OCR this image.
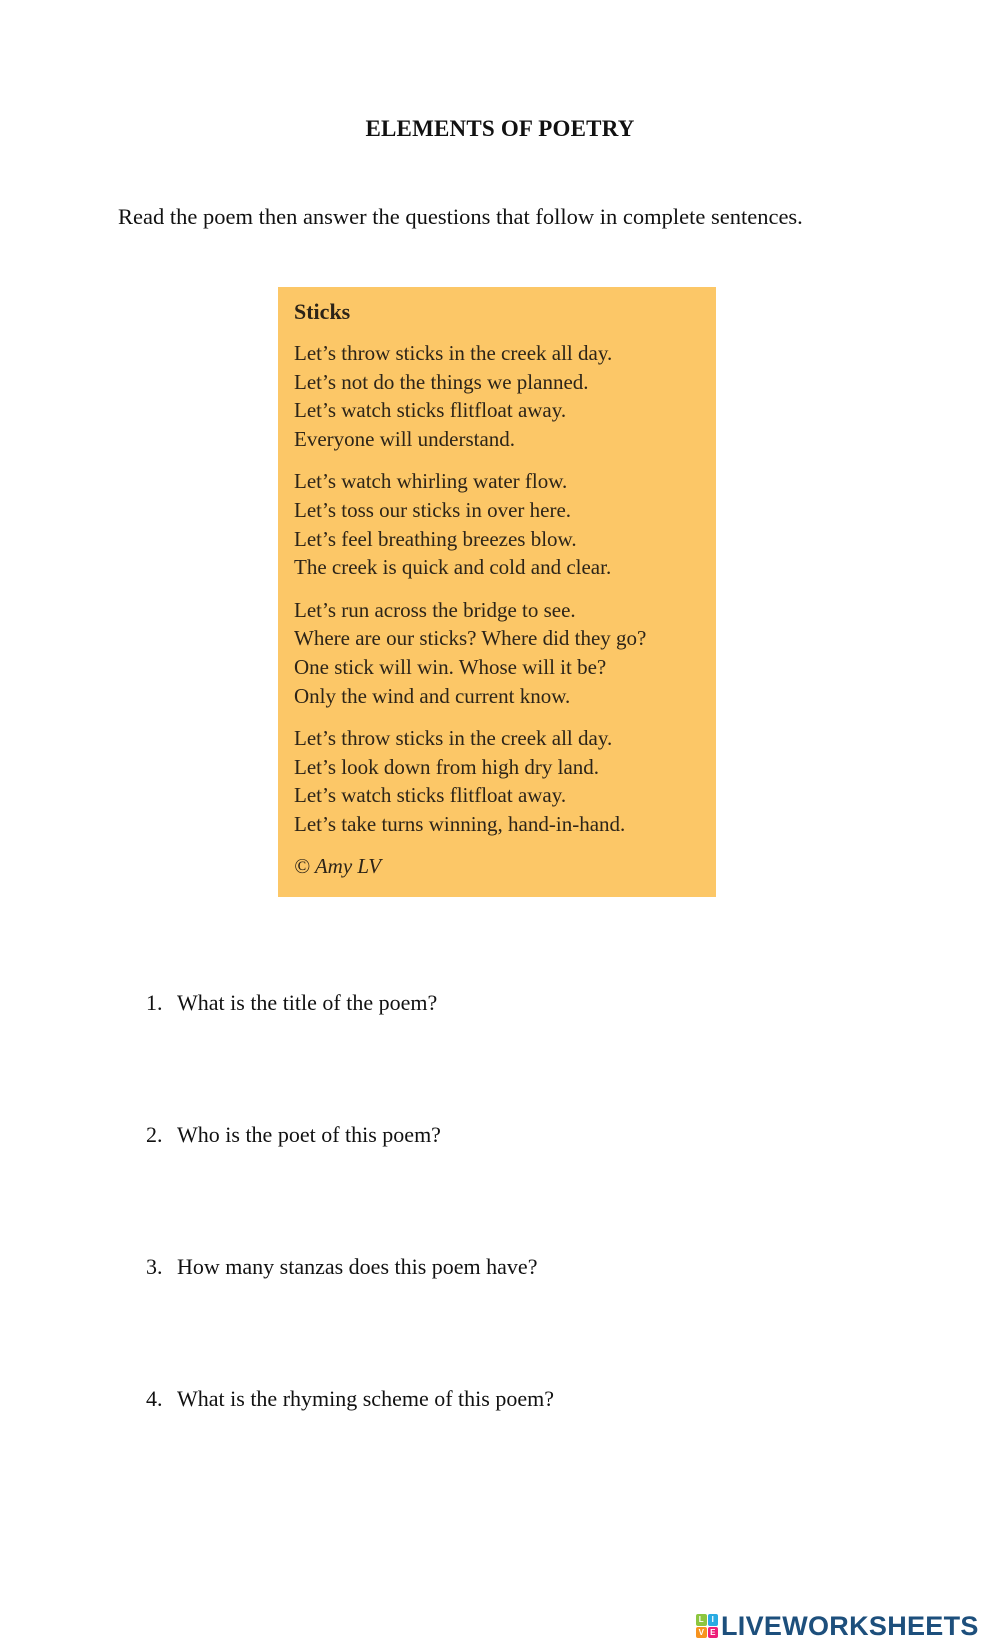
ELEMENTS OF POETRY
Read the poem then answer the questions that follow in complete sentences.
Sticks
Let’s throw sticks in the creek all day.
Let’s not do the things we planned.
Let’s watch sticks flitfloat away.
Everyone will understand.
Let’s watch whirling water flow.
Let’s toss our sticks in over here.
Let’s feel breathing breezes blow.
The creek is quick and cold and clear.
Let’s run across the bridge to see.
Where are our sticks? Where did they go?
One stick will win. Whose will it be?
Only the wind and current know.
Let’s throw sticks in the creek all day.
Let’s look down from high dry land.
Let’s watch sticks flitfloat away.
Let’s take turns winning, hand-in-hand.
© Amy LV
1. What is the title of the poem?
2. Who is the poet of this poem?
3. How many stanzas does this poem have?
4. What is the rhyming scheme of this poem?
L I
V E LIVEWORKSHEETS
